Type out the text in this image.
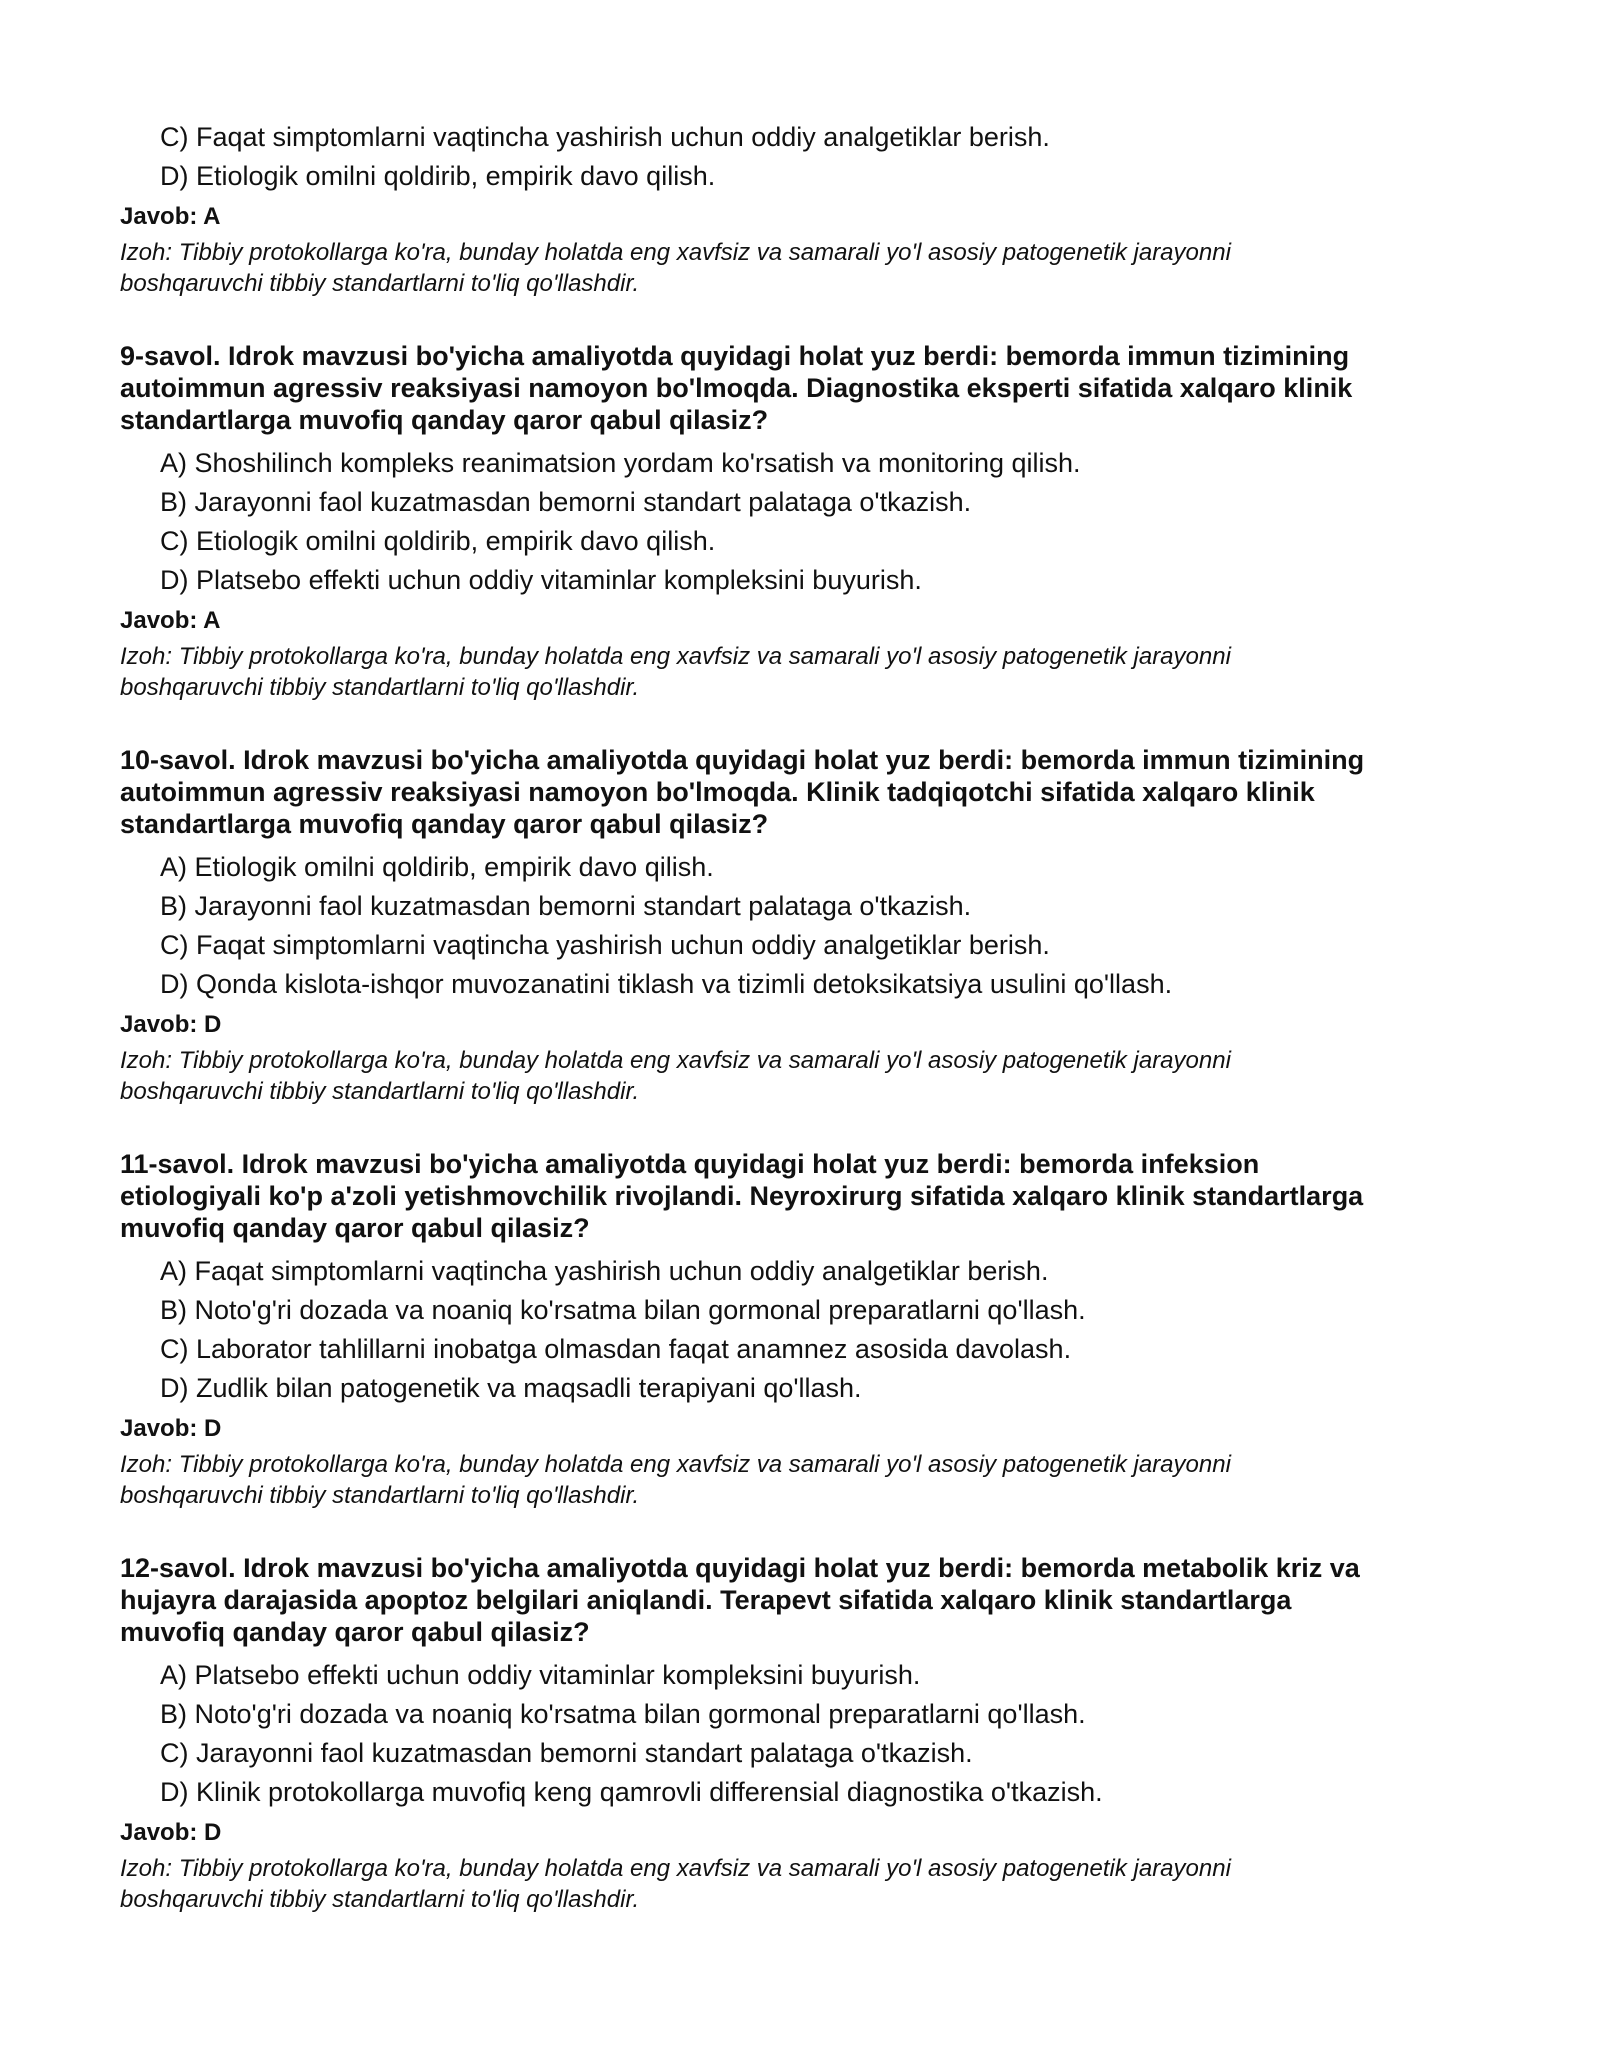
C) Faqat simptomlarni vaqtincha yashirish uchun oddiy analgetiklar berish.
D) Etiologik omilni qoldirib, empirik davo qilish.
Javob: A
Izoh: Tibbiy protokollarga ko'ra, bunday holatda eng xavfsiz va samarali yo'l asosiy patogenetik jarayonni
boshqaruvchi tibbiy standartlarni to'liq qo'llashdir.
9-savol. Idrok mavzusi bo'yicha amaliyotda quyidagi holat yuz berdi: bemorda immun tizimining
autoimmun agressiv reaksiyasi namoyon bo'lmoqda. Diagnostika eksperti sifatida xalqaro klinik
standartlarga muvofiq qanday qaror qabul qilasiz?
A) Shoshilinch kompleks reanimatsion yordam ko'rsatish va monitoring qilish.
B) Jarayonni faol kuzatmasdan bemorni standart palataga o'tkazish.
C) Etiologik omilni qoldirib, empirik davo qilish.
D) Platsebo effekti uchun oddiy vitaminlar kompleksini buyurish.
Javob: A
Izoh: Tibbiy protokollarga ko'ra, bunday holatda eng xavfsiz va samarali yo'l asosiy patogenetik jarayonni
boshqaruvchi tibbiy standartlarni to'liq qo'llashdir.
10-savol. Idrok mavzusi bo'yicha amaliyotda quyidagi holat yuz berdi: bemorda immun tizimining
autoimmun agressiv reaksiyasi namoyon bo'lmoqda. Klinik tadqiqotchi sifatida xalqaro klinik
standartlarga muvofiq qanday qaror qabul qilasiz?
A) Etiologik omilni qoldirib, empirik davo qilish.
B) Jarayonni faol kuzatmasdan bemorni standart palataga o'tkazish.
C) Faqat simptomlarni vaqtincha yashirish uchun oddiy analgetiklar berish.
D) Qonda kislota-ishqor muvozanatini tiklash va tizimli detoksikatsiya usulini qo'llash.
Javob: D
Izoh: Tibbiy protokollarga ko'ra, bunday holatda eng xavfsiz va samarali yo'l asosiy patogenetik jarayonni
boshqaruvchi tibbiy standartlarni to'liq qo'llashdir.
11-savol. Idrok mavzusi bo'yicha amaliyotda quyidagi holat yuz berdi: bemorda infeksion
etiologiyali ko'p a'zoli yetishmovchilik rivojlandi. Neyroxirurg sifatida xalqaro klinik standartlarga
muvofiq qanday qaror qabul qilasiz?
A) Faqat simptomlarni vaqtincha yashirish uchun oddiy analgetiklar berish.
B) Noto'g'ri dozada va noaniq ko'rsatma bilan gormonal preparatlarni qo'llash.
C) Laborator tahlillarni inobatga olmasdan faqat anamnez asosida davolash.
D) Zudlik bilan patogenetik va maqsadli terapiyani qo'llash.
Javob: D
Izoh: Tibbiy protokollarga ko'ra, bunday holatda eng xavfsiz va samarali yo'l asosiy patogenetik jarayonni
boshqaruvchi tibbiy standartlarni to'liq qo'llashdir.
12-savol. Idrok mavzusi bo'yicha amaliyotda quyidagi holat yuz berdi: bemorda metabolik kriz va
hujayra darajasida apoptoz belgilari aniqlandi. Terapevt sifatida xalqaro klinik standartlarga
muvofiq qanday qaror qabul qilasiz?
A) Platsebo effekti uchun oddiy vitaminlar kompleksini buyurish.
B) Noto'g'ri dozada va noaniq ko'rsatma bilan gormonal preparatlarni qo'llash.
C) Jarayonni faol kuzatmasdan bemorni standart palataga o'tkazish.
D) Klinik protokollarga muvofiq keng qamrovli differensial diagnostika o'tkazish.
Javob: D
Izoh: Tibbiy protokollarga ko'ra, bunday holatda eng xavfsiz va samarali yo'l asosiy patogenetik jarayonni
boshqaruvchi tibbiy standartlarni to'liq qo'llashdir.
